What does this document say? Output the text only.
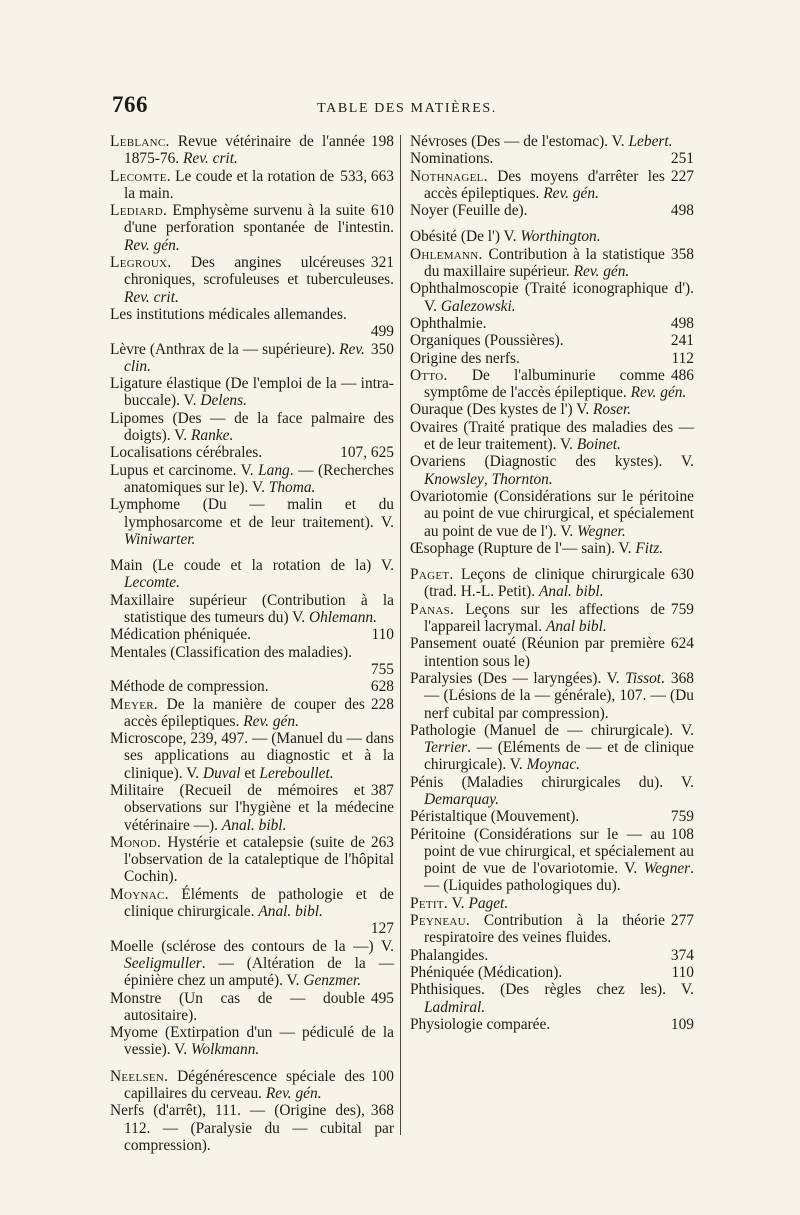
766	TABLE DES MATIÈRES.
198
Leblanc. Revue vétérinaire de l'année 1875-76. Rev. crit.
533, 663
Lecomte. Le coude et la rotation de la main.
610
Lediard. Emphysème survenu à la suite d'une perforation spontanée de l'intestin. Rev. gén.
321
Legroux. Des angines ulcéreuses chroniques, scrofuleuses et tuberculeuses. Rev. crit.
Les institutions médicales allemandes.
499
350
Lèvre (Anthrax de la — supérieure). Rev. clin.
Ligature élastique (De l'emploi de la — intra-buccale). V. Delens.
Lipomes (Des — de la face palmaire des doigts). V. Ranke.
107, 625
Localisations cérébrales.
Lupus et carcinome. V. Lang. — (Recherches anatomiques sur le). V. Thoma.
Lymphome (Du — malin et du lymphosarcome et de leur traitement). V. Winiwarter.
Main (Le coude et la rotation de la) V. Lecomte.
Maxillaire supérieur (Contribution à la statistique des tumeurs du) V. Ohlemann.
110
Médication phéniquée.
Mentales (Classification des maladies).
755
628
Méthode de compression.
228
Meyer. De la manière de couper des accès épileptiques. Rev. gén.
Microscope, 239, 497. — (Manuel du — dans ses applications au diagnostic et à la clinique). V. Duval et Lereboullet.
387
Militaire (Recueil de mémoires et observations sur l'hygiène et la médecine vétérinaire —). Anal. bibl.
263
Monod. Hystérie et catalepsie (suite de l'observation de la cataleptique de l'hôpital Cochin).
Moynac. Éléments de pathologie et de clinique chirurgicale. Anal. bibl.
127
Moelle (sclérose des contours de la —) V. Seeligmuller. — (Altération de la — épinière chez un amputé). V. Genzmer.
495
Monstre (Un cas de — double autositaire).
Myome (Extirpation d'un — pédiculé de la vessie). V. Wolkmann.
100
Neelsen. Dégénérescence spéciale des capillaires du cerveau. Rev. gén.
368
Nerfs (d'arrêt), 111. — (Origine des), 112. — (Paralysie du — cubital par compression).
Névroses (Des — de l'estomac). V. Lebert.
251
Nominations.
227
Nothnagel. Des moyens d'arrêter les accès épileptiques. Rev. gén.
498
Noyer (Feuille de).
Obésité (De l') V. Worthington.
358
Ohlemann. Contribution à la statistique du maxillaire supérieur. Rev. gén.
Ophthalmoscopie (Traité iconographique d'). V. Galezowski.
498
Ophthalmie.
241
Organiques (Poussières).
112
Origine des nerfs.
486
Otto. De l'albuminurie comme symptôme de l'accès épileptique. Rev. gén.
Ouraque (Des kystes de l') V. Roser.
Ovaires (Traité pratique des maladies des — et de leur traitement). V. Boinet.
Ovariens (Diagnostic des kystes). V. Knowsley, Thornton.
Ovariotomie (Considérations sur le péritoine au point de vue chirurgical, et spécialement au point de vue de l'). V. Wegner.
Œsophage (Rupture de l'— sain). V. Fitz.
630
Paget. Leçons de clinique chirurgicale (trad. H.-L. Petit). Anal. bibl.
759
Panas. Leçons sur les affections de l'appareil lacrymal. Anal bibl.
624
Pansement ouaté (Réunion par première intention sous le)
368
Paralysies (Des — laryngées). V. Tissot. — (Lésions de la — générale), 107. — (Du nerf cubital par compression).
Pathologie (Manuel de — chirurgicale). V. Terrier. — (Eléments de — et de clinique chirurgicale). V. Moynac.
Pénis (Maladies chirurgicales du). V. Demarquay.
759
Péristaltique (Mouvement).
108
Péritoine (Considérations sur le — au point de vue chirurgical, et spécialement au point de vue de l'ovariotomie. V. Wegner. — (Liquides pathologiques du).
Petit. V. Paget.
277
Peyneau. Contribution à la théorie respiratoire des veines fluides.
374
Phalangides.
110
Phéniquée (Médication).
Phthisiques. (Des règles chez les). V. Ladmiral.
109
Physiologie comparée.
